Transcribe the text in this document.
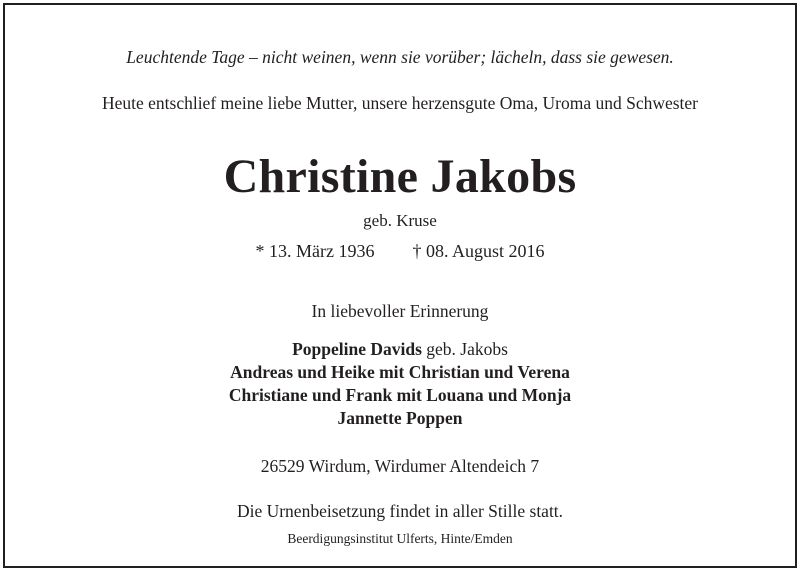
Leuchtende Tage – nicht weinen, wenn sie vorüber; lächeln, dass sie gewesen.
Heute entschlief meine liebe Mutter, unsere herzensgute Oma, Uroma und Schwester
Christine Jakobs
geb. Kruse
* 13. März 1936 † 08. August 2016
In liebevoller Erinnerung
Poppeline Davids geb. Jakobs
Andreas und Heike mit Christian und Verena
Christiane und Frank mit Louana und Monja
Jannette Poppen
26529 Wirdum, Wirdumer Altendeich 7
Die Urnenbeisetzung findet in aller Stille statt.
Beerdigungsinstitut Ulferts, Hinte/Emden
